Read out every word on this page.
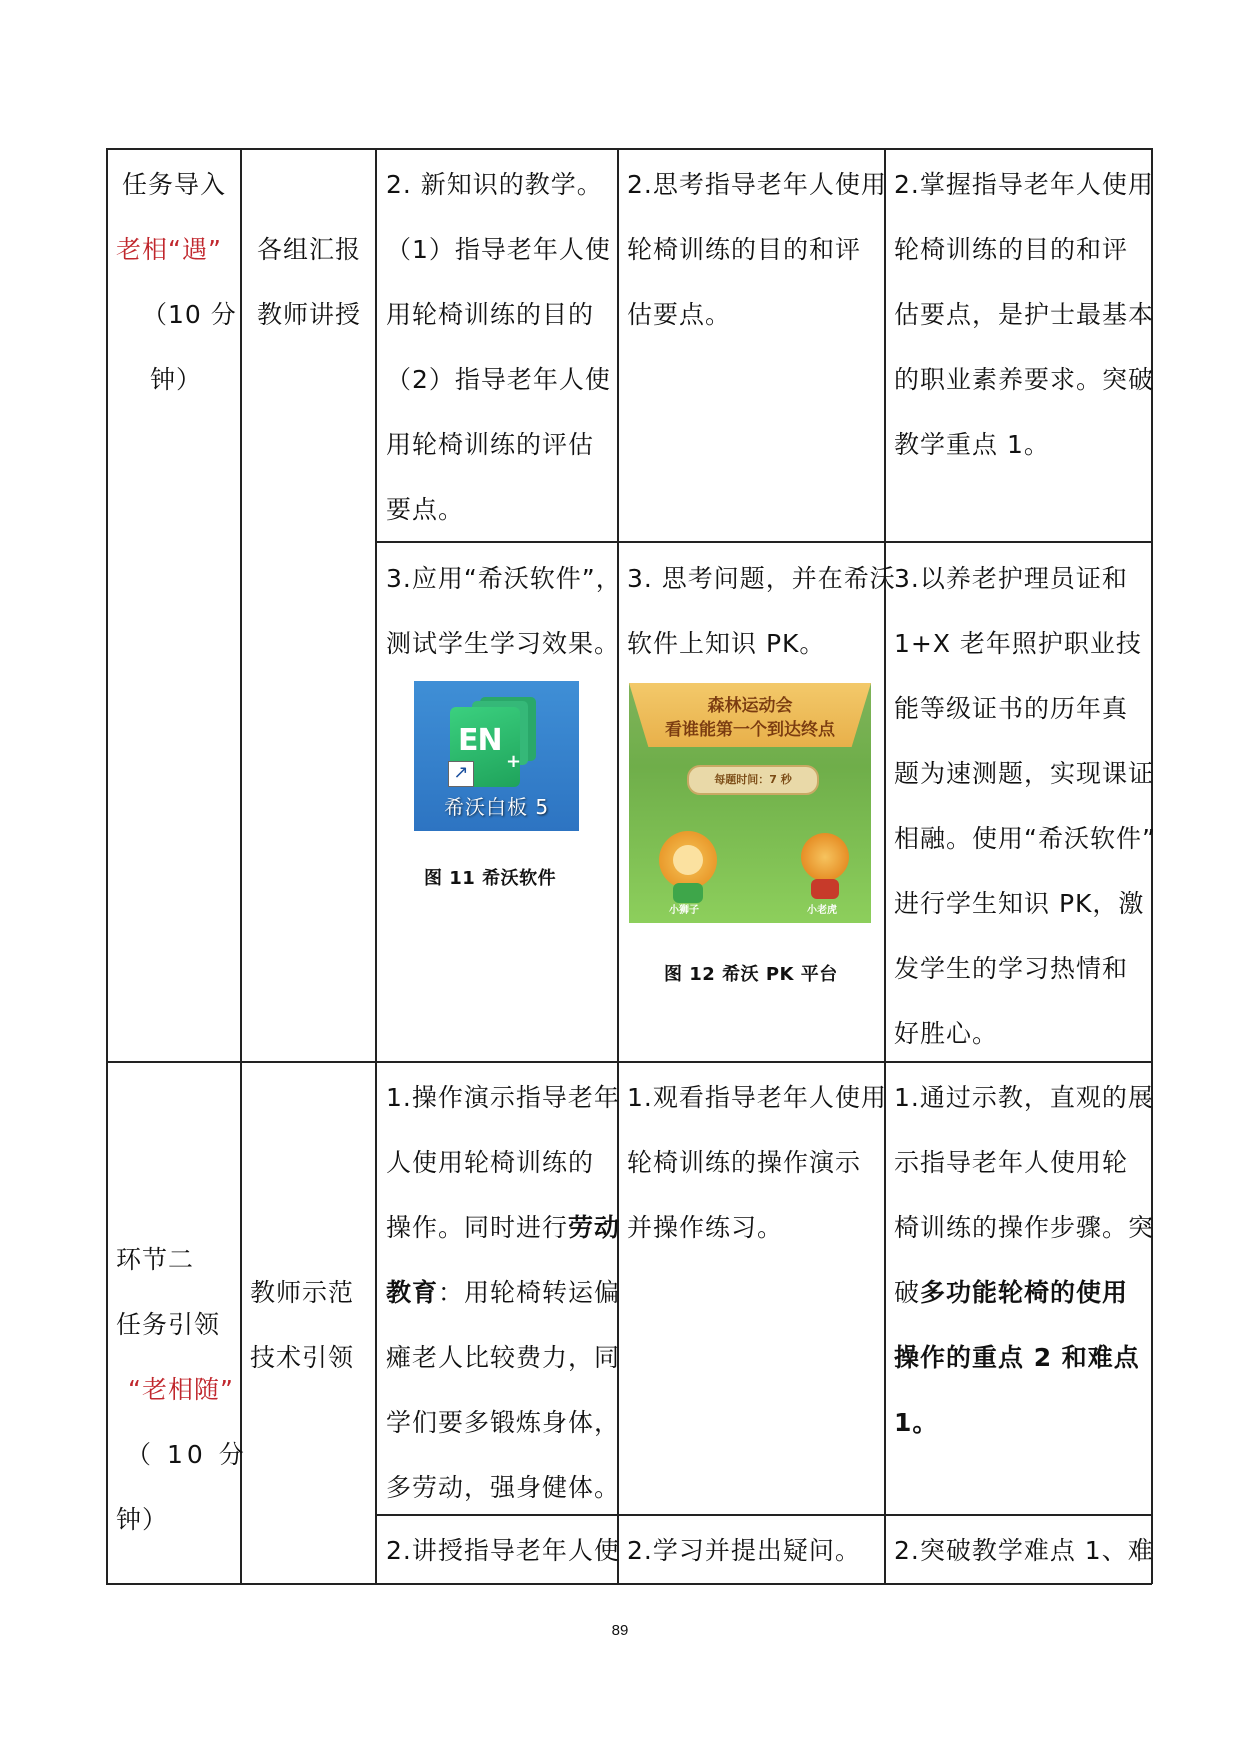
任务导入
老相“遇”
（10 分
钟）
各组汇报
教师讲授
2. 新知识的教学。
（1）指导老年人使
用轮椅训练的目的
（2）指导老年人使
用轮椅训练的评估
要点。
2.思考指导老年人使用
轮椅训练的目的和评
估要点。
2.掌握指导老年人使用
轮椅训练的目的和评
估要点，是护士最基本
的职业素养要求。突破
教学重点 1。
3.应用“希沃软件”，
测试学生学习效果。
EN
+
↗
希沃白板 5
图 11 希沃软件
3. 思考问题，并在希沃
软件上知识 PK。
森林运动会
看谁能第一个到达终点
每题时间：7 秒
小狮子	小老虎
图 12 希沃 PK 平台
3.以养老护理员证和
1+X 老年照护职业技
能等级证书的历年真
题为速测题，实现课证
相融。使用“希沃软件”
进行学生知识 PK，激
发学生的学习热情和
好胜心。
环节二
任务引领
“老相随”
（ 10 分
钟）
教师示范
技术引领
1.操作演示指导老年
人使用轮椅训练的
操作。同时进行劳动
教育：用轮椅转运偏
瘫老人比较费力，同
学们要多锻炼身体，
多劳动，强身健体。
1.观看指导老年人使用
轮椅训练的操作演示
并操作练习。
1.通过示教，直观的展
示指导老年人使用轮
椅训练的操作步骤。突
破多功能轮椅的使用
操作的重点 2 和难点
1。
2.讲授指导老年人使 2.学习并提出疑问。 2.突破教学难点 1、难
89
